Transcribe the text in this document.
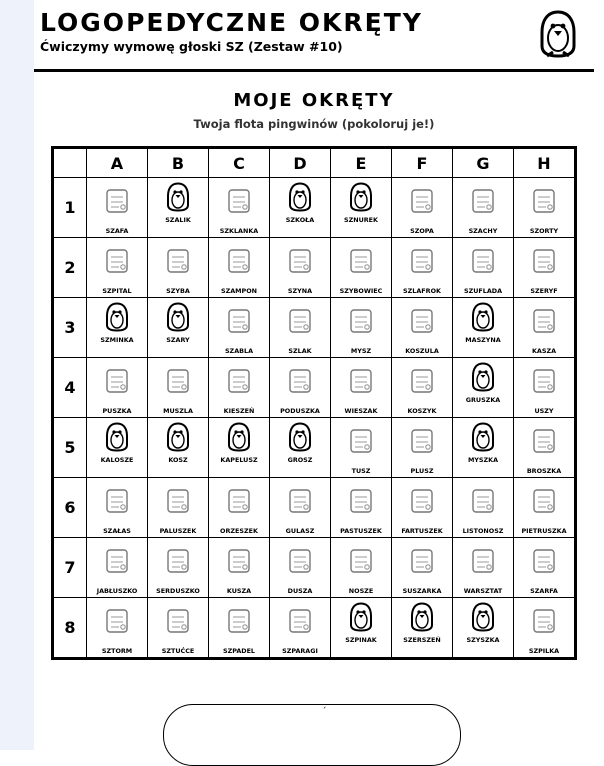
LOGOPEDYCZNE OKRĘTY
Ćwiczymy wymowę głoski SZ (Zestaw #10)
MOJE OKRĘTY
Twoja flota pingwinów (pokoloruj je!)
	A	B	C	D	E	F	G	H
1	SZAFA	SZALIK	SZKLANKA	SZKOŁA	SZNUREK	SZOPA	SZACHY	SZORTY

2	SZPITAL	SZYBA	SZAMPON	SZYNA	SZYBOWIEC	SZLAFROK	SZUFLADA	SZERYF

3	SZMINKA	SZARY	SZABLA	SZLAK	MYSZ	KOSZULA	MASZYNA	KASZA

4	PUSZKA	MUSZLA	KIESZEŃ	PODUSZKA	WIESZAK	KOSZYK	GRUSZKA	USZY

5	KALOSZE	KOSZ	KAPELUSZ	GROSZ	TUSZ	PLUSZ	MYSZKA	BROSZKA

6	SZAŁAS	PALUSZEK	ORZESZEK	GULASZ	PASTUSZEK	FARTUSZEK	LISTONOSZ	PIETRUSZKA

7	JABŁUSZKO	SERDUSZKO	KUSZA	DUSZA	NOSZE	SUSZARKA	WARSZTAT	SZARFA

8	SZTORM	SZTUĆCE	SZPADEL	SZPARAGI	SZPINAK	SZERSZEŃ	SZYSZKA	SZPILKA
´
